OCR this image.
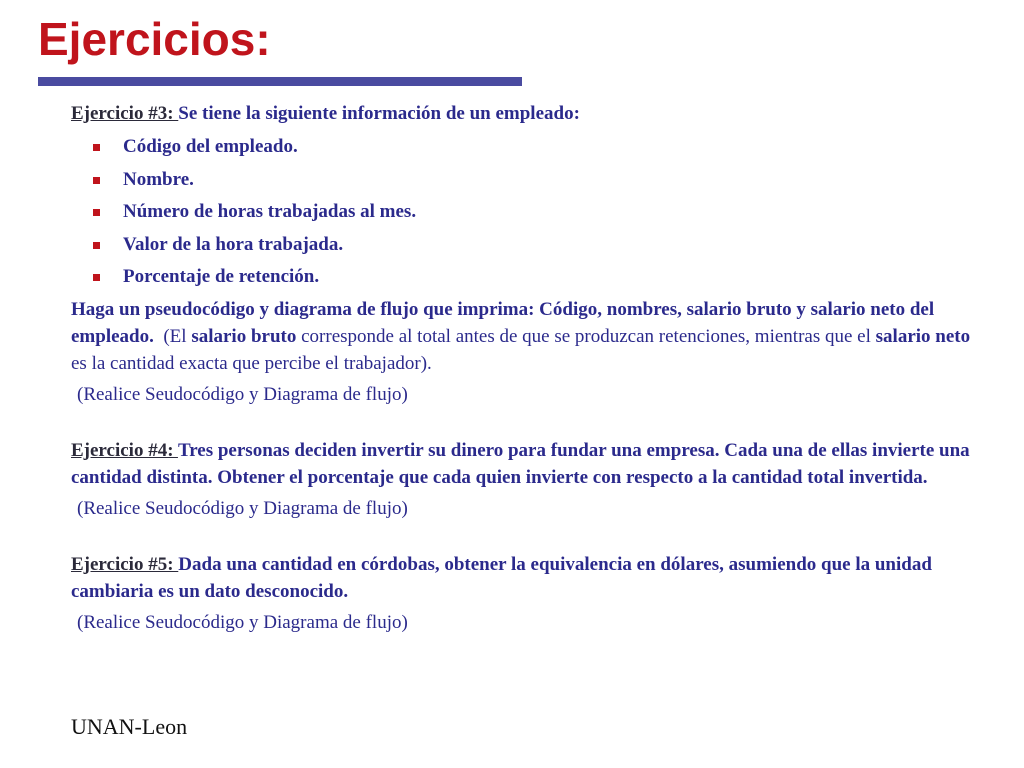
Ejercicios:

Ejercicio #3: Se tiene la siguiente información de un empleado:

Código del empleado.
Nombre.
Número de horas trabajadas al mes.
Valor de la hora trabajada.
Porcentaje de retención.

Haga un pseudocódigo y diagrama de flujo que imprima: Código, nombres, salario bruto y salario neto del empleado.  (El salario bruto corresponde al total antes de que se produzcan retenciones, mientras que el salario neto es la cantidad exacta que percibe el trabajador).

(Realice Seudocódigo y Diagrama de flujo)

Ejercicio #4: Tres personas deciden invertir su dinero para fundar una empresa. Cada una de ellas invierte una cantidad distinta. Obtener el porcentaje que cada quien invierte con respecto a la cantidad total invertida.

(Realice Seudocódigo y Diagrama de flujo)

Ejercicio #5: Dada una cantidad en córdobas, obtener la equivalencia en dólares, asumiendo que la unidad cambiaria es un dato desconocido.

(Realice Seudocódigo y Diagrama de flujo)

UNAN-Leon
